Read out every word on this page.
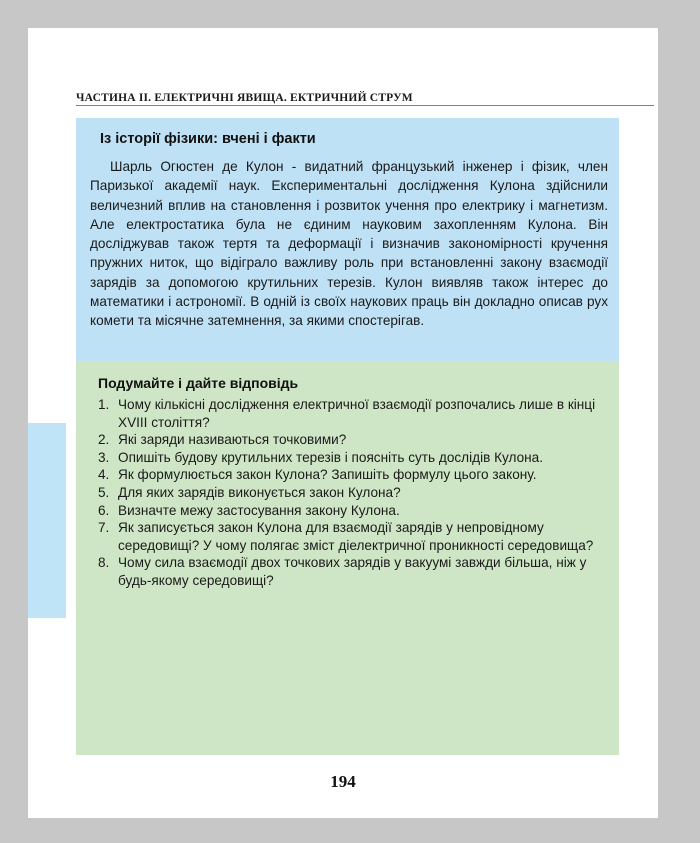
ЧАСТИНА II. ЕЛЕКТРИЧНІ ЯВИЩА. ЕКТРИЧНИЙ СТРУМ
Із історії фізики: вчені і факти

Шарль Огюстен де Кулон - видатний французький інженер і фізик, член Паризької академії наук. Експериментальні дослідження Кулона здійснили величезний вплив на становлення і розвиток учення про електрику і магнетизм. Але електростатика була не єдиним науковим захопленням Кулона. Він досліджував також тертя та деформації і визначив закономірності кручення пружних ниток, що відіграло важливу роль при встановленні закону взаємодії зарядів за допомогою крутильних терезів. Кулон виявляв також інтерес до математики і астрономії. В одній із своїх наукових праць він докладно описав рух комети та місячне затемнення, за якими спостерігав.

Подумайте і дайте відповідь
1. Чому кількісні дослідження електричної взаємодії розпочались лише в кінці XVIII століття?
2. Які заряди називаються точковими?
3. Опишіть будову крутильних терезів і поясніть суть дослідів Кулона.
4. Як формулюється закон Кулона? Запишіть формулу цього закону.
5. Для яких зарядів виконується закон Кулона?
6. Визначте межу застосування закону Кулона.
7. Як записується закон Кулона для взаємодії зарядів у непровідному середовищі? У чому полягає зміст діелектричної проникності середовища?
8. Чому сила взаємодії двох точкових зарядів у вакуумі завжди більша, ніж у будь-якому середовищі?
194
